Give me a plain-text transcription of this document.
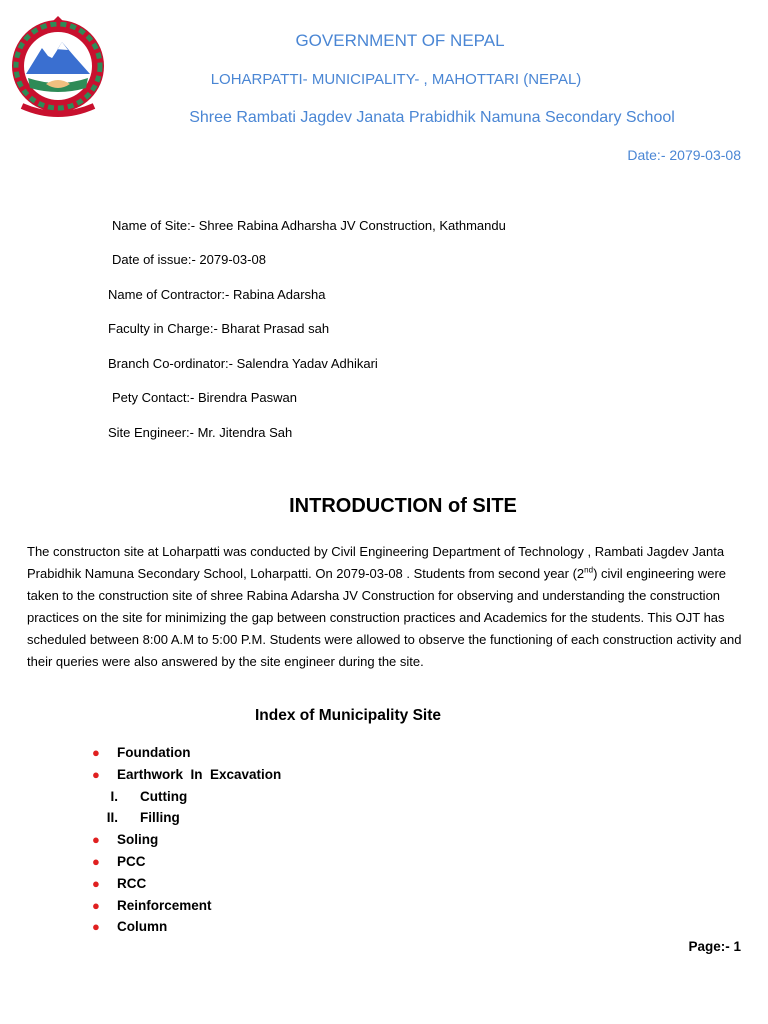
GOVERNMENT OF NEPAL
LOHARPATTI- MUNICIPALITY- , MAHOTTARI (NEPAL)
Shree Rambati Jagdev Janata Prabidhik Namuna Secondary School
Date:- 2079-03-08
Name of Site:- Shree Rabina Adharsha JV Construction, Kathmandu
Date of issue:- 2079-03-08
Name of Contractor:- Rabina Adarsha
Faculty in Charge:- Bharat Prasad sah
Branch Co-ordinator:- Salendra Yadav Adhikari
Pety Contact:- Birendra Paswan
Site Engineer:- Mr. Jitendra Sah
INTRODUCTION of SITE

The constructon site at Loharpatti was conducted by Civil Engineering Department of Technology , Rambati Jagdev Janta Prabidhik Namuna Secondary School, Loharpatti. On 2079-03-08 . Students from second year (2nd) civil engineering were taken to the construction site of shree Rabina Adarsha JV Construction for observing and understanding the construction practices on the site for minimizing the gap between construction practices and Academics for the students. This OJT has scheduled between 8:00 A.M to 5:00 P.M. Students were allowed to observe the functioning of each construction activity and their queries were also answered by the site engineer during the site.

Index of Municipality Site
● Foundation
● Earthwork  In  Excavation
I. Cutting
II. Filling
● Soling
● PCC
● RCC
● Reinforcement
● Column
Page:- 1
